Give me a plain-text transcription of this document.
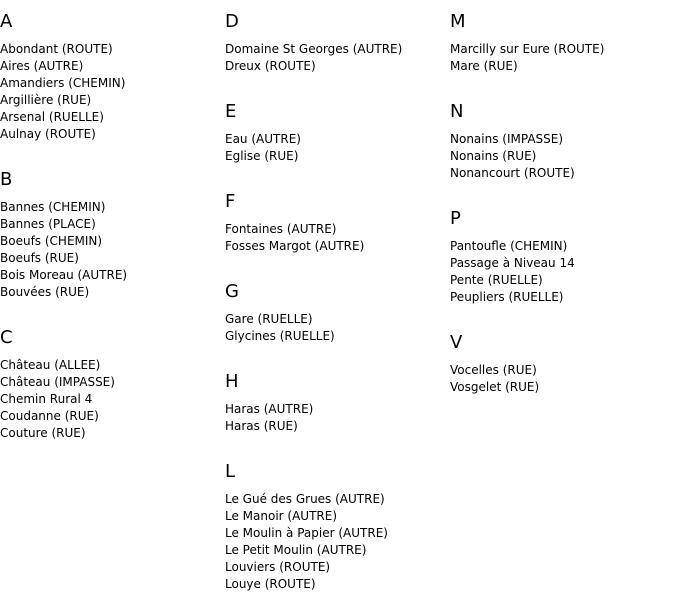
A
Abondant (ROUTE)
Aires (AUTRE)
Amandiers (CHEMIN)
Argillière (RUE)
Arsenal (RUELLE)
Aulnay (ROUTE)
B
Bannes (CHEMIN)
Bannes (PLACE)
Boeufs (CHEMIN)
Boeufs (RUE)
Bois Moreau (AUTRE)
Bouvées (RUE)
C
Château (ALLEE)
Château (IMPASSE)
Chemin Rural 4
Coudanne (RUE)
Couture (RUE)
D
Domaine St Georges (AUTRE)
Dreux (ROUTE)
E
Eau (AUTRE)
Eglise (RUE)
F
Fontaines (AUTRE)
Fosses Margot (AUTRE)
G
Gare (RUELLE)
Glycines (RUELLE)
H
Haras (AUTRE)
Haras (RUE)
L
Le Gué des Grues (AUTRE)
Le Manoir (AUTRE)
Le Moulin à Papier (AUTRE)
Le Petit Moulin (AUTRE)
Louviers (ROUTE)
Louye (ROUTE)
M
Marcilly sur Eure (ROUTE)
Mare (RUE)
N
Nonains (IMPASSE)
Nonains (RUE)
Nonancourt (ROUTE)
P
Pantoufle (CHEMIN)
Passage à Niveau 14
Pente (RUELLE)
Peupliers (RUELLE)
V
Vocelles (RUE)
Vosgelet (RUE)
